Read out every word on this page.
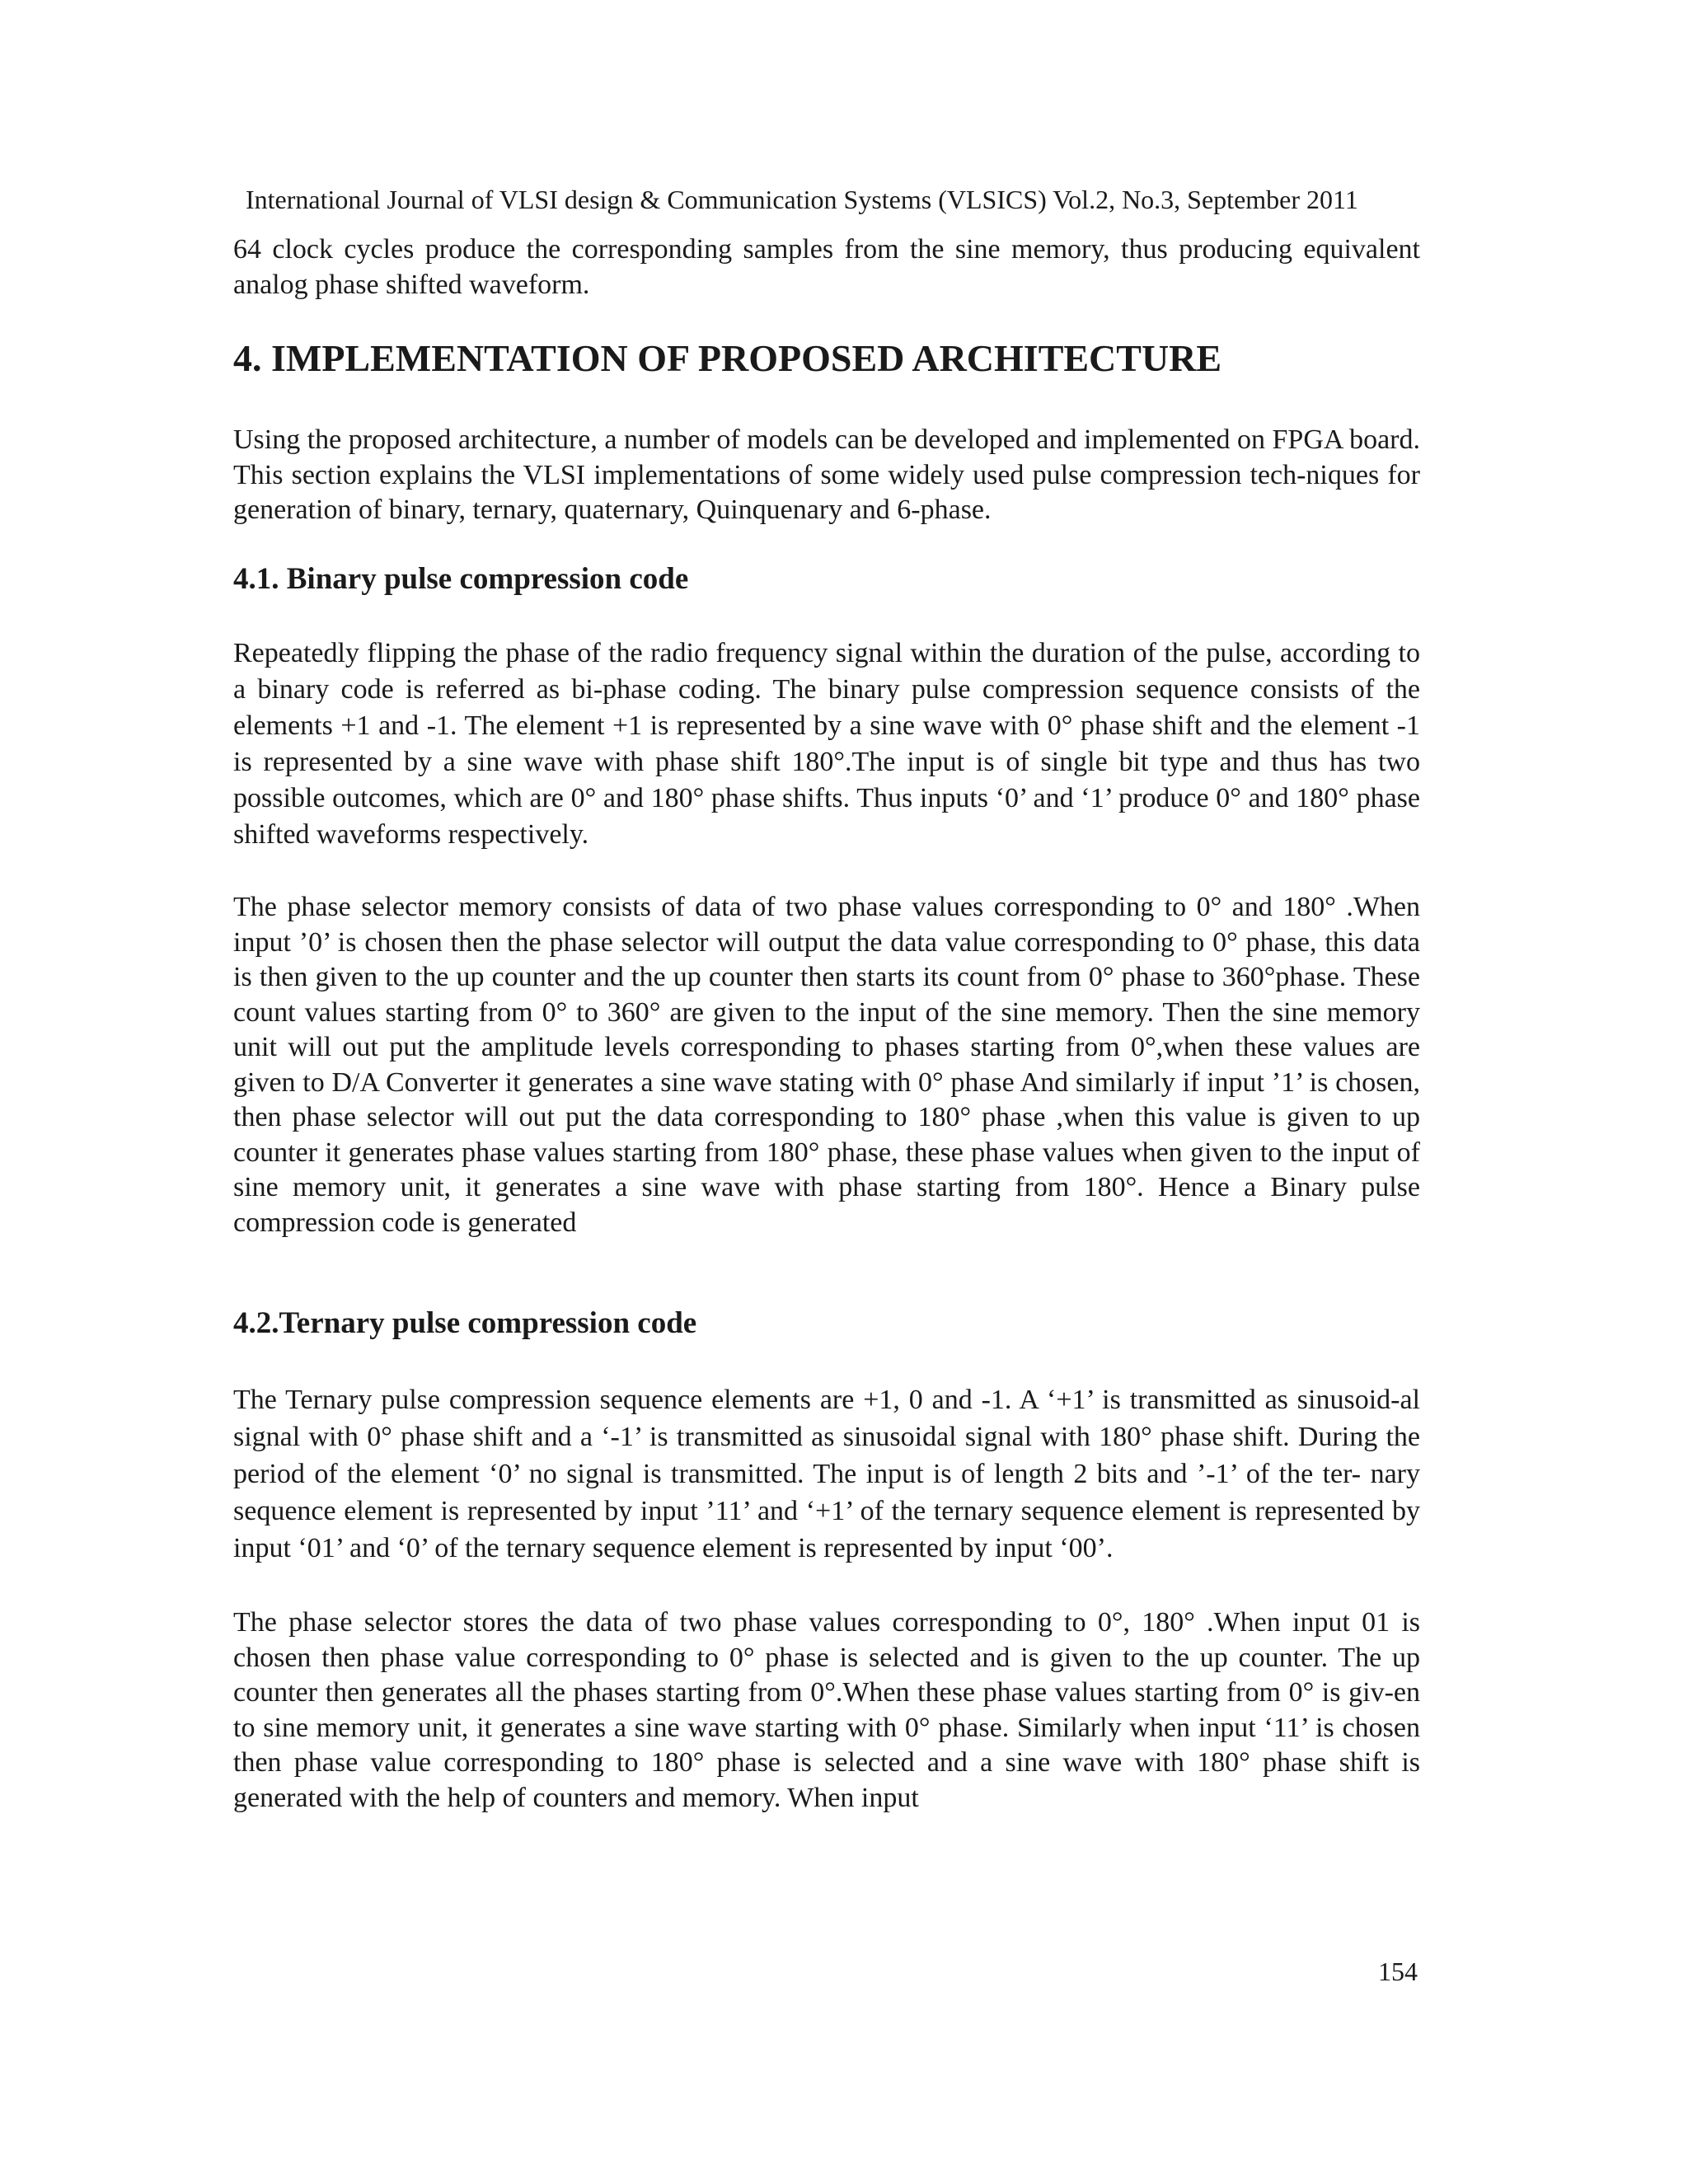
International Journal of VLSI design & Communication Systems (VLSICS) Vol.2, No.3, September 2011

64 clock cycles produce the corresponding samples from the sine memory, thus producing equivalent analog phase shifted waveform.

4. IMPLEMENTATION OF PROPOSED ARCHITECTURE

Using the proposed architecture, a number of models can be developed and implemented on FPGA board. This section explains the VLSI implementations of some widely used pulse compression tech-niques for generation of binary, ternary, quaternary, Quinquenary and 6-phase.

4.1. Binary pulse compression code

Repeatedly flipping the phase of the radio frequency signal within the duration of the pulse, according to a binary code is referred as bi-phase coding. The binary pulse compression sequence consists of the elements +1 and -1. The element +1 is represented by a sine wave with 0° phase shift and the element -1 is represented by a sine wave with phase shift 180°.The input is of single bit type and thus has two possible outcomes, which are 0° and 180° phase shifts. Thus inputs ‘0’ and ‘1’ produce 0° and 180° phase shifted waveforms respectively.

The phase selector memory consists of data of two phase values corresponding to 0° and 180° .When input ’0’ is chosen then the phase selector will output the data value corresponding to 0° phase, this data is then given to the up counter and the up counter then starts its count from 0° phase to 360°phase. These count values starting from 0° to 360° are given to the input of the sine memory. Then the sine memory unit will out put the amplitude levels corresponding to phases starting from 0°,when these values are given to D/A Converter it generates a sine wave stating with 0° phase And similarly if input ’1’ is chosen, then phase selector will out put the data corresponding to 180° phase ,when this value is given to up counter it generates phase values starting from 180° phase, these phase values when given to the input of sine memory unit, it generates a sine wave with phase starting from 180°. Hence a Binary pulse compression code is generated

4.2.Ternary pulse compression code

The Ternary pulse compression sequence elements are +1, 0 and -1. A ‘+1’ is transmitted as sinusoid-al signal with 0° phase shift and a ‘-1’ is transmitted as sinusoidal signal with 180° phase shift. During the period of the element ‘0’ no signal is transmitted. The input is of length 2 bits and ’-1’ of the ter- nary sequence element is represented by input ’11’ and ‘+1’ of the ternary sequence element is represented by input ‘01’ and ‘0’ of the ternary sequence element is represented by input ‘00’.

The phase selector stores the data of two phase values corresponding to 0°, 180° .When input 01 is chosen then phase value corresponding to 0° phase is selected and is given to the up counter. The up counter then generates all the phases starting from 0°.When these phase values starting from 0° is giv-en to sine memory unit, it generates a sine wave starting with 0° phase. Similarly when input ‘11’ is chosen then phase value corresponding to 180° phase is selected and a sine wave with 180° phase shift is generated with the help of counters and memory. When input

154
